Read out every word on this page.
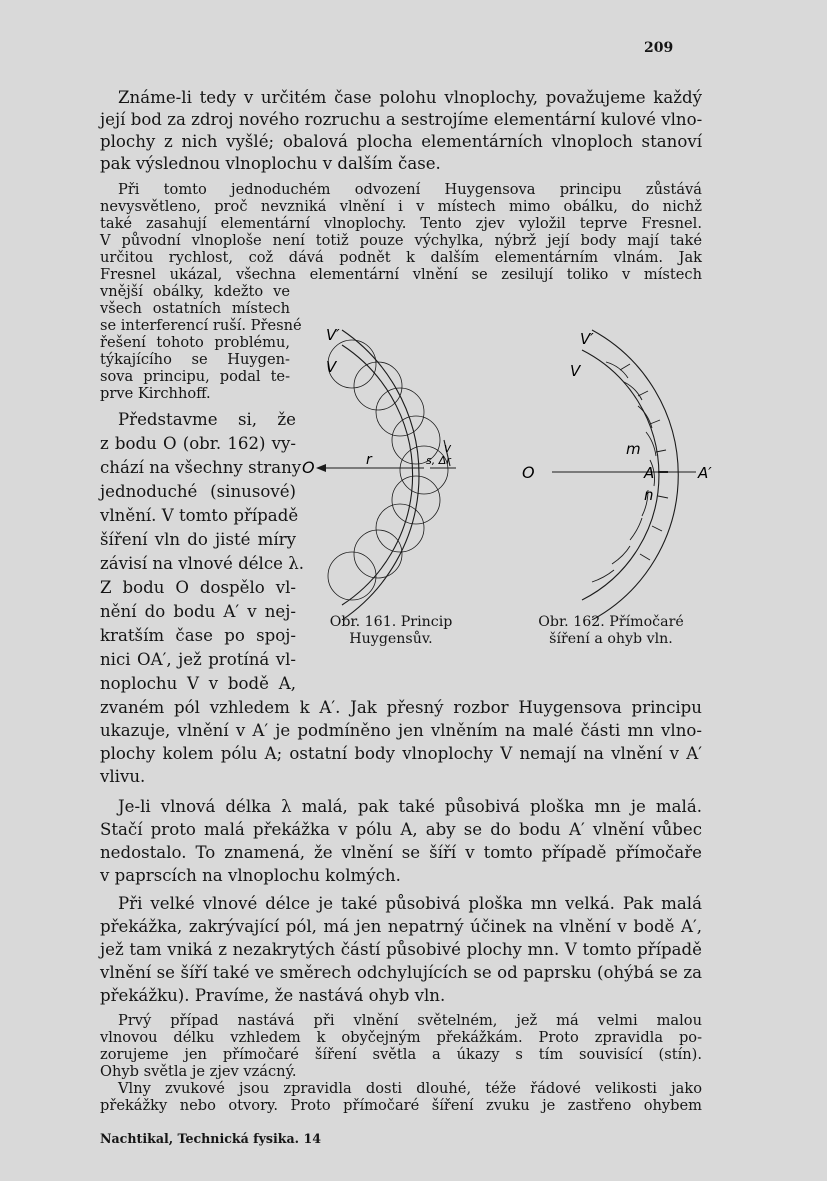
209

Známe-li tedy v určitém čase polohu vlnoplochy, považujeme každý

její bod za zdroj nového rozruchu a sestrojíme elementární kulové vlno-

plochy z nich vyšlé; obalová plocha elementárních vlnoploch stanoví

pak výslednou vlnoplochu v dalším čase.

Při tomto jednoduchém odvození Huygensova principu zůstává

nevysvětleno, proč nevzniká vlnění i v místech mimo obálku, do nichž

také zasahují elementární vlnoplochy. Tento zjev vyložil teprve Fresnel.

V původní vlnoploše není totiž pouze výchylka, nýbrž její body mají také

určitou rychlost, což dává podnět k dalším elementárním vlnám. Jak

Fresnel ukázal, všechna elementární vlnění se zesilují toliko v místech

vnější obálky, kdežto ve

všech ostatních místech

se interferencí ruší. Přesné

řešení tohoto problému,

týkajícího se Huygen-

sova principu, podal te-

prve Kirchhoff.

Představme si, že

z bodu O (obr. 162) vy-

chází na všechny strany

jednoduché (sinusové)

vlnění. V tomto případě

šíření vln do jisté míry

závisí na vlnové délce λ.

Z bodu O dospělo vl-

nění do bodu A′ v nej-

kratším čase po spoj-

nici OA′, jež protíná vl-

noplochu V v bodě A,

zvaném pól vzhledem k A′. Jak přesný rozbor Huygensova principu

ukazuje, vlnění v A′ je podmíněno jen vlněním na malé části mn vlno-

plochy kolem pólu A; ostatní body vlnoplochy V nemají na vlnění v A′

vlivu.

V′
V
O	r
v
s, Δr
Obr. 161. Princip
Huygensův.
V′
V
O
m
A
n
A′
Obr. 162. Přímočaré
šíření a ohyb vln.

Je-li vlnová délka λ malá, pak také působivá ploška mn je malá.

Stačí proto malá překážka v pólu A, aby se do bodu A′ vlnění vůbec

nedostalo. To znamená, že vlnění se šíří v tomto případě přímočaře

v paprscích na vlnoplochu kolmých.

Při velké vlnové délce je také působivá ploška mn velká. Pak malá

překážka, zakrývající pól, má jen nepatrný účinek na vlnění v bodě A′,

jež tam vniká z nezakrytých částí působivé plochy mn. V tomto případě

vlnění se šíří také ve směrech odchylujících se od paprsku (ohýbá se za

překážku). Pravíme, že nastává ohyb vln.

Prvý případ nastává při vlnění světelném, jež má velmi malou

vlnovou délku vzhledem k obyčejným překážkám. Proto zpravidla po-

zorujeme jen přímočaré šíření světla a úkazy s tím souvisící (stín).

Ohyb světla je zjev vzácný.

Vlny zvukové jsou zpravidla dosti dlouhé, téže řádové velikosti jako

překážky nebo otvory. Proto přímočaré šíření zvuku je zastřeno ohybem

Nachtikal, Technická fysika. 14
